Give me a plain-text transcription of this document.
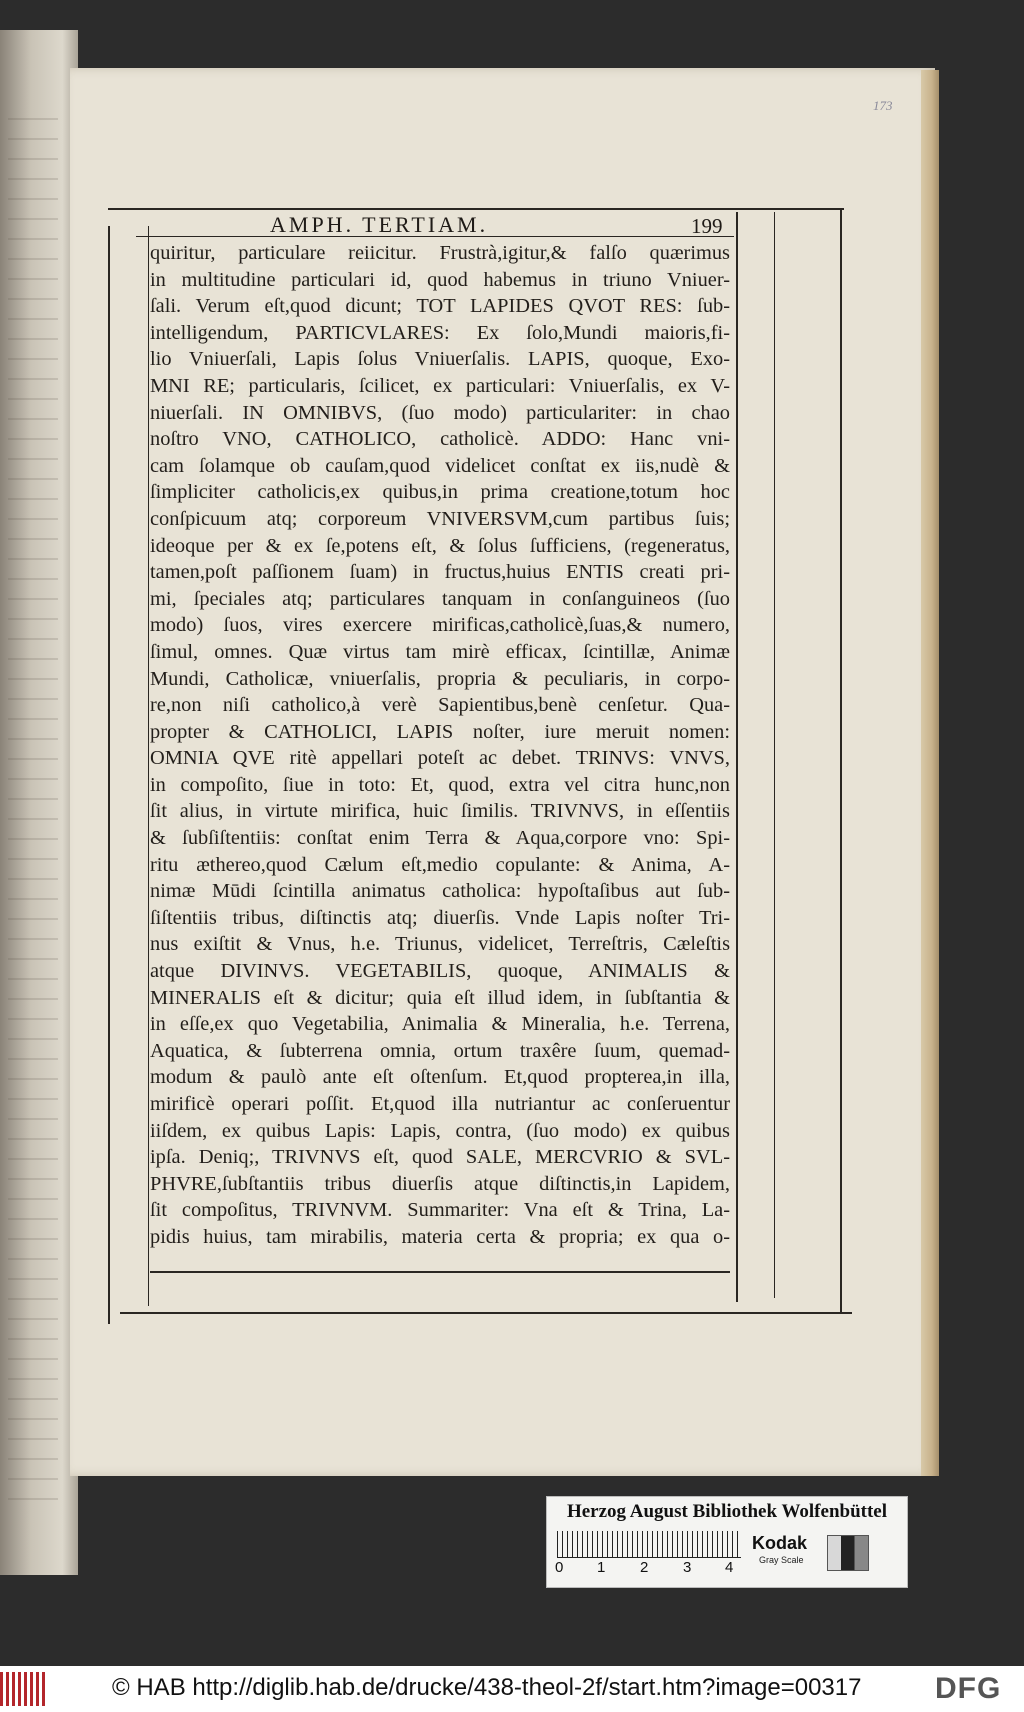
173
AMPH. TERTIAM.	199
quiritur, particulare reiicitur. Frustrà,igitur,& falſo quærimus
in multitudine particulari id, quod habemus in triuno Vniuer-
ſali. Verum eſt,quod dicunt; TOT LAPIDES QVOT RES: ſub-
intelligendum, PARTICVLARES: Ex ſolo,Mundi maioris,fi-
lio Vniuerſali, Lapis ſolus Vniuerſalis. LAPIS, quoque, Exo-
MNI RE; particularis, ſcilicet, ex particulari: Vniuerſalis, ex V-
niuerſali. IN OMNIBVS, (ſuo modo) particulariter: in chao
noſtro VNO, CATHOLICO, catholicè. ADDO: Hanc vni-
cam ſolamque ob cauſam,quod videlicet conſtat ex iis,nudè &
ſimpliciter catholicis,ex quibus,in prima creatione,totum hoc
conſpicuum atq; corporeum VNIVERSVM,cum partibus ſuis;
ideoque per & ex ſe,potens eſt, & ſolus ſufficiens, (regeneratus,
tamen,poſt paſſionem ſuam) in fructus,huius ENTIS creati pri-
mi, ſpeciales atq; particulares tanquam in conſanguineos (ſuo
modo) ſuos, vires exercere mirificas,catholicè,ſuas,& numero,
ſimul, omnes. Quæ virtus tam mirè efficax, ſcintillæ, Animæ
Mundi, Catholicæ, vniuerſalis, propria & peculiaris, in corpo-
re,non niſi catholico,à verè Sapientibus,benè cenſetur. Qua-
propter & CATHOLICI, LAPIS noſter, iure meruit nomen:
OMNIA QVE ritè appellari poteſt ac debet. TRINVS: VNVS,
in compoſito, ſiue in toto: Et, quod, extra vel citra hunc,non
ſit alius, in virtute mirifica, huic ſimilis. TRIVNVS, in eſſentiis
& ſubſiſtentiis: conſtat enim Terra & Aqua,corpore vno: Spi-
ritu æthereo,quod Cælum eſt,medio copulante: & Anima, A-
nimæ Mūdi ſcintilla animatus catholica: hypoſtaſibus aut ſub-
ſiſtentiis tribus, diſtinctis atq; diuerſis. Vnde Lapis noſter Tri-
nus exiſtit & Vnus, h.e. Triunus, videlicet, Terreſtris, Cæleſtis
atque DIVINVS. VEGETABILIS, quoque, ANIMALIS &
MINERALIS eſt & dicitur; quia eſt illud idem, in ſubſtantia &
in eſſe,ex quo Vegetabilia, Animalia & Mineralia, h.e. Terrena,
Aquatica, & ſubterrena omnia, ortum traxêre ſuum, quemad-
modum & paulò ante eſt oſtenſum. Et,quod propterea,in illa,
mirificè operari poſſit. Et,quod illa nutriantur ac conſeruentur
iiſdem, ex quibus Lapis: Lapis, contra, (ſuo modo) ex quibus
ipſa. Deniq;, TRIVNVS eſt, quod SALE, MERCVRIO & SVL-
PHVRE,ſubſtantiis tribus diuerſis atque diſtinctis,in Lapidem,
ſit compoſitus, TRIVNVM. Summariter: Vna eſt & Trina, La-
pidis huius, tam mirabilis, materia certa & propria; ex qua o-
Herzog August Bibliothek Wolfenbüttel
0 1 2 3 4
Kodak
Gray Scale
© HAB http://diglib.hab.de/drucke/438-theol-2f/start.htm?image=00317 DFG
